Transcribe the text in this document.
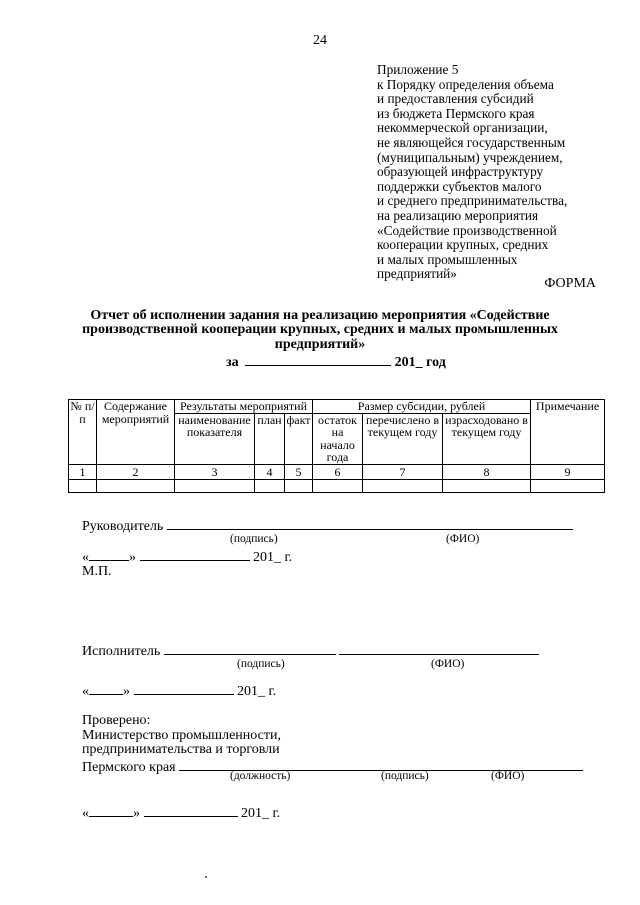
24
Приложение 5
к Порядку определения объема
и предоставления субсидий
из бюджета Пермского края
некоммерческой организации,
не являющейся государственным
(муниципальным) учреждением,
образующей инфраструктуру
поддержки субъектов малого
и среднего предпринимательства,
на реализацию мероприятия
«Содействие производственной
кооперации крупных, средних
и малых промышленных
предприятий»
ФОРМА
Отчет об исполнении задания на реализацию мероприятия «Содействие
производственной кооперации крупных, средних и малых промышленных
предприятий»
за	201_ год
№ п/п	Содержание мероприятий	Результаты мероприятий			Размер субсидии, рублей			Примечание
		наименование показателя	план	факт	остаток на начало года	перечислено в текущем году	израсходовано в текущем году	
1	2	3	4	5	6	7	8	9

Руководитель
(подпись)	(ФИО)
«	»	201_ г.
М.П.
Исполнитель
(подпись)	(ФИО)
« »	201_ г.
Проверено:
Министерство промышленности,
предпринимательства и торговли
Пермского края
(должность)	(подпись)	(ФИО)
«	»	201_ г.
